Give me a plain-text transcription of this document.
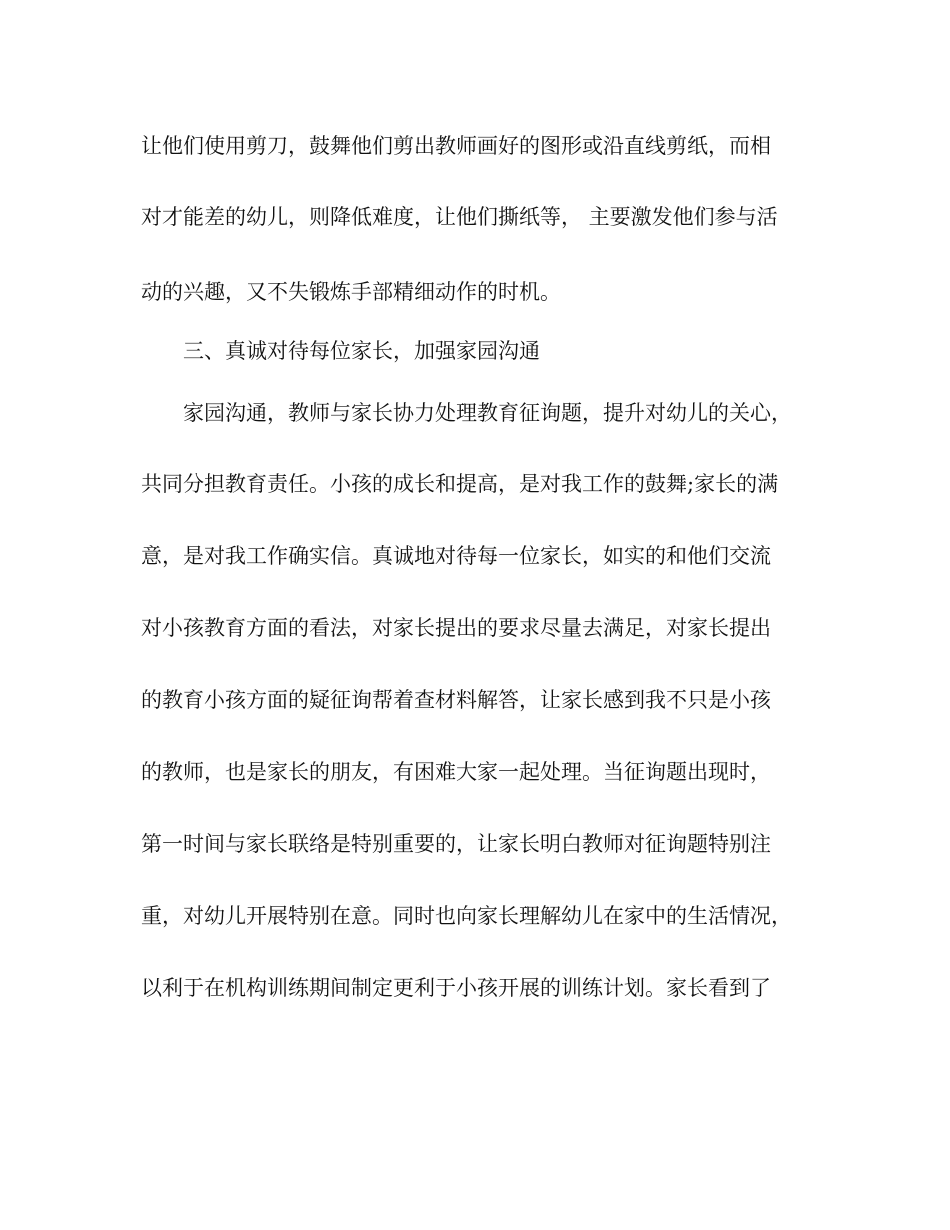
让他们使用剪刀，鼓舞他们剪出教师画好的图形或沿直线剪纸，而相
对才能差的幼儿，则降低难度，让他们撕纸等， 主要激发他们参与活
动的兴趣，又不失锻炼手部精细动作的时机。
三、真诚对待每位家长，加强家园沟通
家园沟通，教师与家长协力处理教育征询题，提升对幼儿的关心，
共同分担教育责任。小孩的成长和提高，是对我工作的鼓舞;家长的满
意，是对我工作确实信。真诚地对待每一位家长，如实的和他们交流
对小孩教育方面的看法，对家长提出的要求尽量去满足，对家长提出
的教育小孩方面的疑征询帮着查材料解答，让家长感到我不只是小孩
的教师，也是家长的朋友，有困难大家一起处理。当征询题出现时，
第一时间与家长联络是特别重要的，让家长明白教师对征询题特别注
重，对幼儿开展特别在意。同时也向家长理解幼儿在家中的生活情况，
以利于在机构训练期间制定更利于小孩开展的训练计划。家长看到了
